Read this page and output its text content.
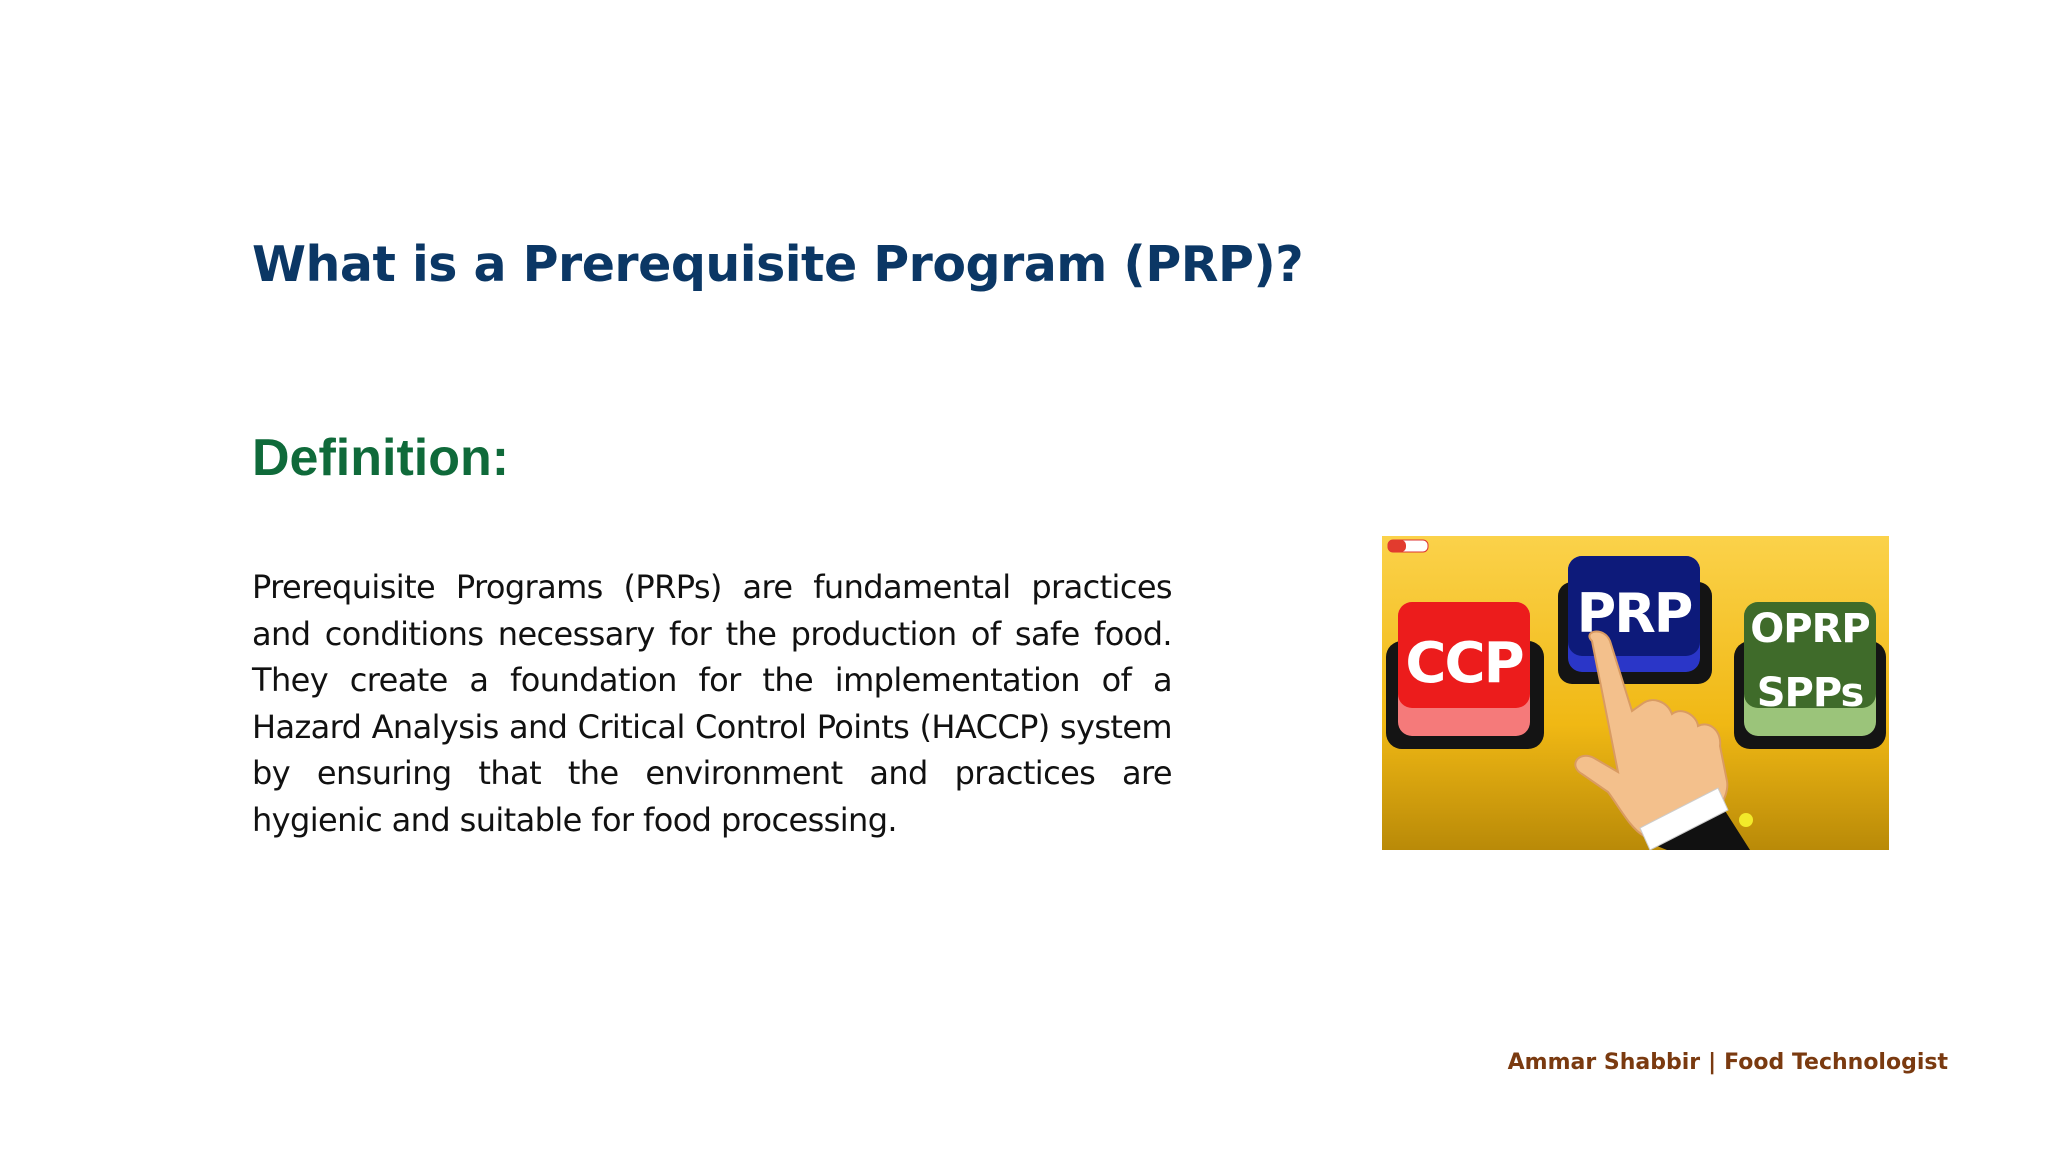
What is a Prerequisite Program (PRP)?
Definition:

Prerequisite Programs (PRPs) are fundamental practices and conditions necessary for the production of safe food. They create a foundation for the implementation of a Hazard Analysis and Critical Control Points (HACCP) system by ensuring that the environment and practices are hygienic and suitable for food processing.

CCP
PRP OPRP
SPPs
Ammar Shabbir | Food Technologist
